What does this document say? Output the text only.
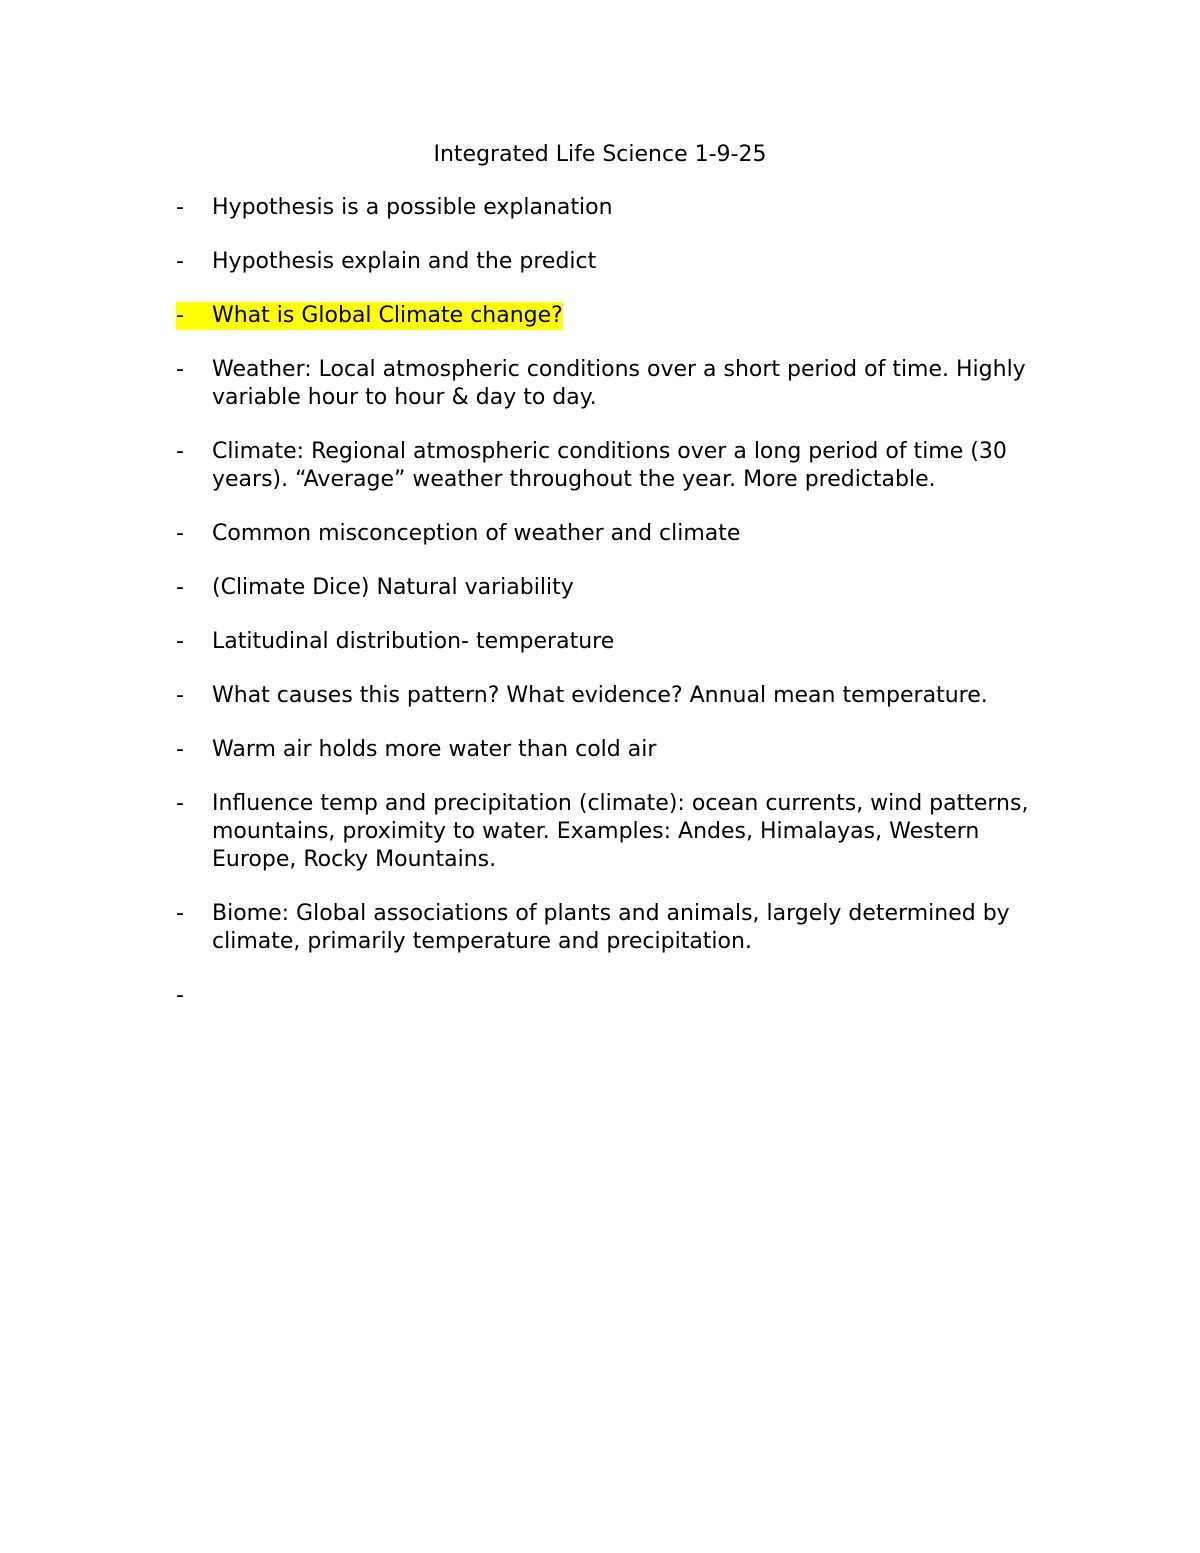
Integrated Life Science 1-9-25
-	Hypothesis is a possible explanation
-	Hypothesis explain and the predict
-	What is Global Climate change?
-	Weather: Local atmospheric conditions over a short period of time. Highly variable hour to hour & day to day.
-	Climate: Regional atmospheric conditions over a long period of time (30 years). “Average” weather throughout the year. More predictable.
-	Common misconception of weather and climate
-	(Climate Dice) Natural variability
-	Latitudinal distribution- temperature
-	What causes this pattern? What evidence? Annual mean temperature.
-	Warm air holds more water than cold air
-	Influence temp and precipitation (climate): ocean currents, wind patterns, mountains, proximity to water. Examples: Andes, Himalayas, Western Europe, Rocky Mountains.
-	Biome: Global associations of plants and animals, largely determined by climate, primarily temperature and precipitation.
-
